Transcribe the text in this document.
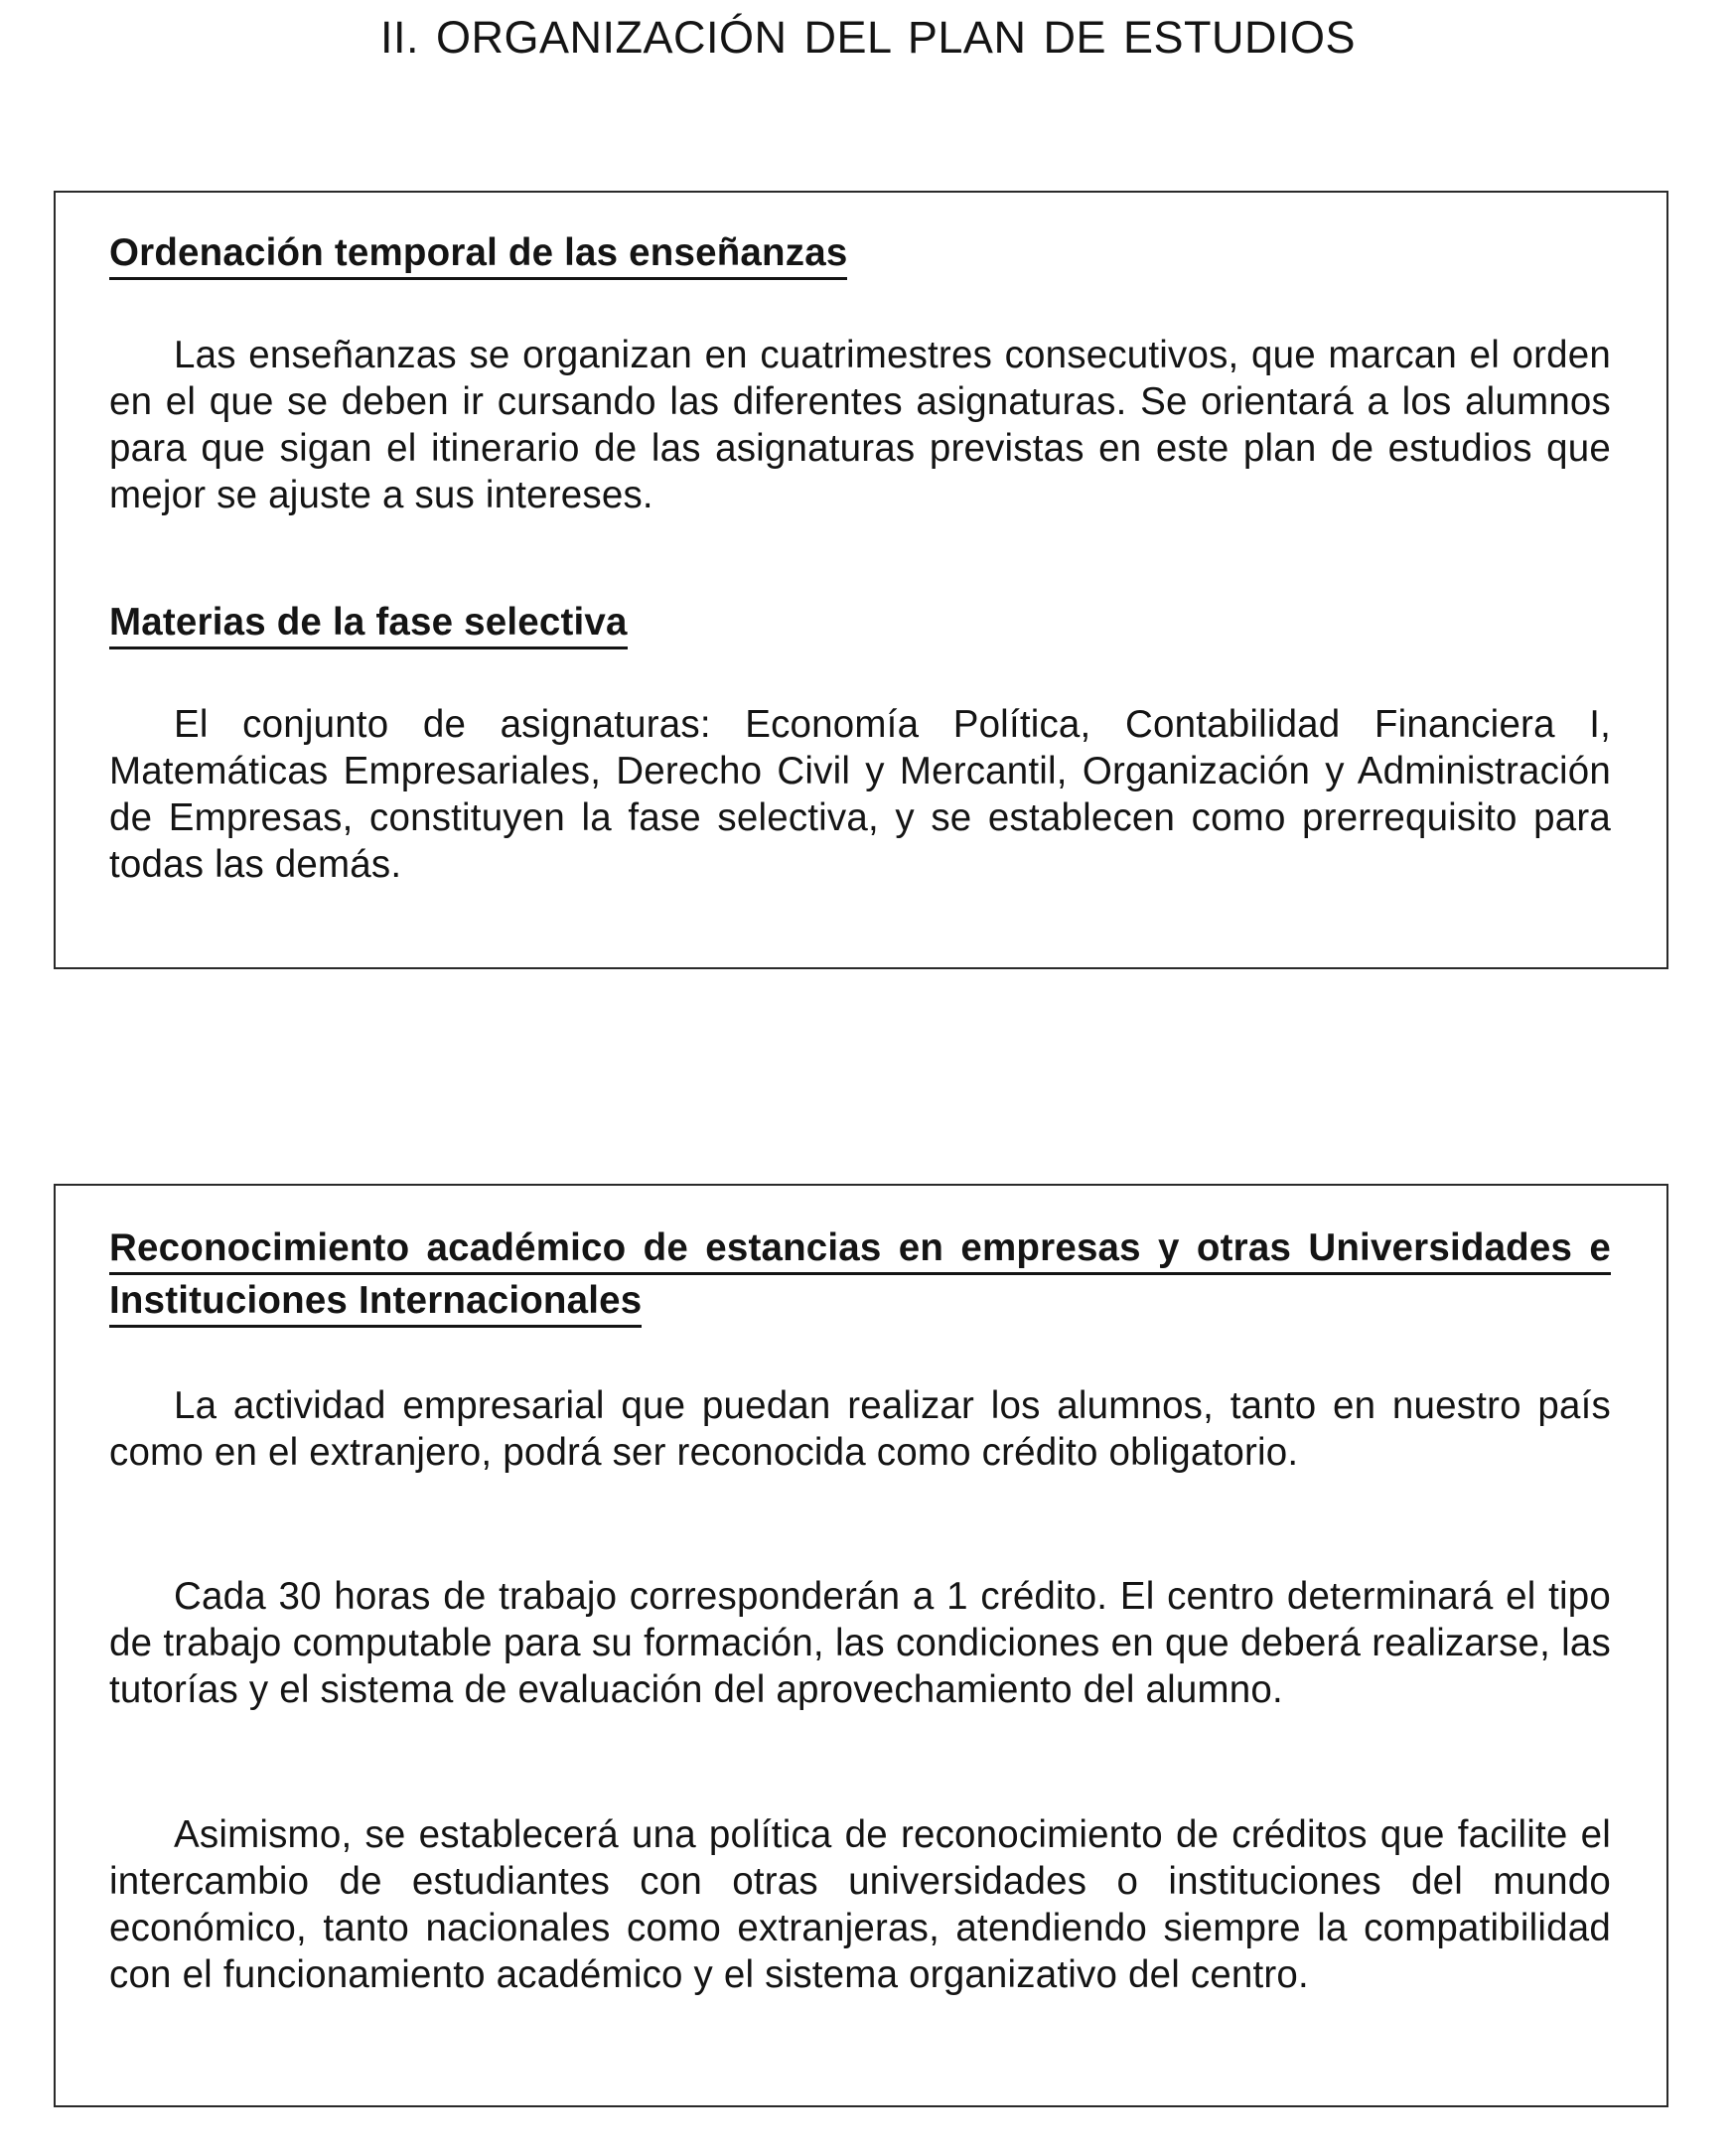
II. ORGANIZACIÓN DEL PLAN DE ESTUDIOS
Ordenación temporal de las enseñanzas

Las enseñanzas se organizan en cuatrimestres consecutivos, que marcan el orden en el que se deben ir cursando las diferentes asignaturas. Se orientará a los alumnos para que sigan el itinerario de las asignaturas previstas en este plan de estudios que mejor se ajuste a sus intereses.

Materias de la fase selectiva

El conjunto de asignaturas: Economía Política, Contabilidad Financiera I, Matemáticas Empresariales, Derecho Civil y Mercantil, Organización y Administración de Empresas, constituyen la fase selectiva, y se establecen como prerrequisito para todas las demás.

Reconocimiento académico de estancias en empresas y otras Universidades e Instituciones Internacionales

La actividad empresarial que puedan realizar los alumnos, tanto en nuestro país como en el extranjero, podrá ser reconocida como crédito obligatorio.

Cada 30 horas de trabajo corresponderán a 1 crédito. El centro determinará el tipo de trabajo computable para su formación, las condiciones en que deberá realizarse, las tutorías y el sistema de evaluación del aprovechamiento del alumno.

Asimismo, se establecerá una política de reconocimiento de créditos que facilite el intercambio de estudiantes con otras universidades o instituciones del mundo económico, tanto nacionales como extranjeras, atendiendo siempre la compatibilidad con el funcionamiento académico y el sistema organizativo del centro.
